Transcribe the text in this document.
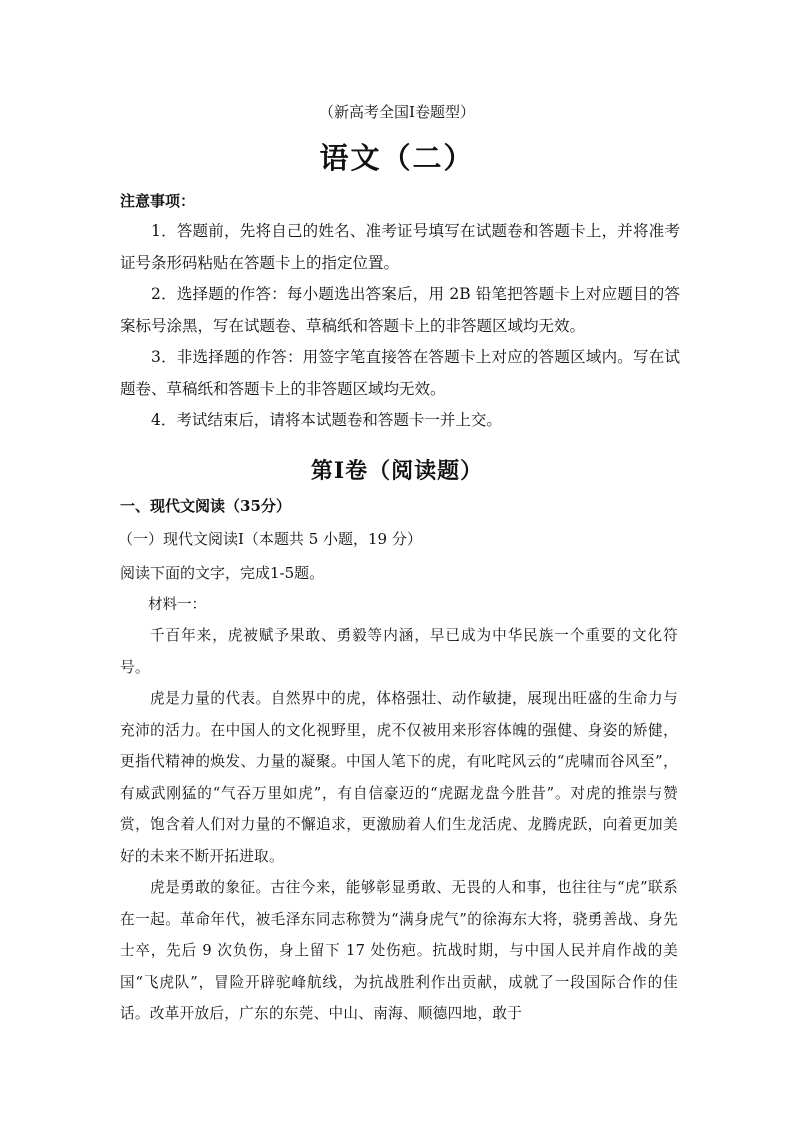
（新高考全国Ⅰ卷题型）
语文（二）
注意事项：
1．答题前，先将自己的姓名、准考证号填写在试题卷和答题卡上，并将准考证号条形码粘贴在答题卡上的指定位置。
2．选择题的作答：每小题选出答案后，用 2B 铅笔把答题卡上对应题目的答案标号涂黑，写在试题卷、草稿纸和答题卡上的非答题区域均无效。
3．非选择题的作答：用签字笔直接答在答题卡上对应的答题区域内。写在试题卷、草稿纸和答题卡上的非答题区域均无效。
4．考试结束后，请将本试题卷和答题卡一并上交。
第Ⅰ卷（阅读题）
一、现代文阅读（35分）
（一）现代文阅读Ⅰ（本题共 5 小题，19 分）
阅读下面的文字，完成1-5题。
材料一：
千百年来，虎被赋予果敢、勇毅等内涵，早已成为中华民族一个重要的文化符号。
虎是力量的代表。自然界中的虎，体格强壮、动作敏捷，展现出旺盛的生命力与充沛的活力。在中国人的文化视野里，虎不仅被用来形容体魄的强健、身姿的矫健，更指代精神的焕发、力量的凝聚。中国人笔下的虎，有叱咤风云的“虎啸而谷风至”，有威武刚猛的“气吞万里如虎”，有自信豪迈的“虎踞龙盘今胜昔”。对虎的推崇与赞赏，饱含着人们对力量的不懈追求，更激励着人们生龙活虎、龙腾虎跃，向着更加美好的未来不断开拓进取。
虎是勇敢的象征。古往今来，能够彰显勇敢、无畏的人和事，也往往与“虎”联系在一起。革命年代，被毛泽东同志称赞为“满身虎气”的徐海东大将，骁勇善战、身先士卒，先后 9 次负伤，身上留下 17 处伤疤。抗战时期，与中国人民并肩作战的美国“飞虎队”，冒险开辟驼峰航线，为抗战胜利作出贡献，成就了一段国际合作的佳话。改革开放后，广东的东莞、中山、南海、顺德四地，敢于
